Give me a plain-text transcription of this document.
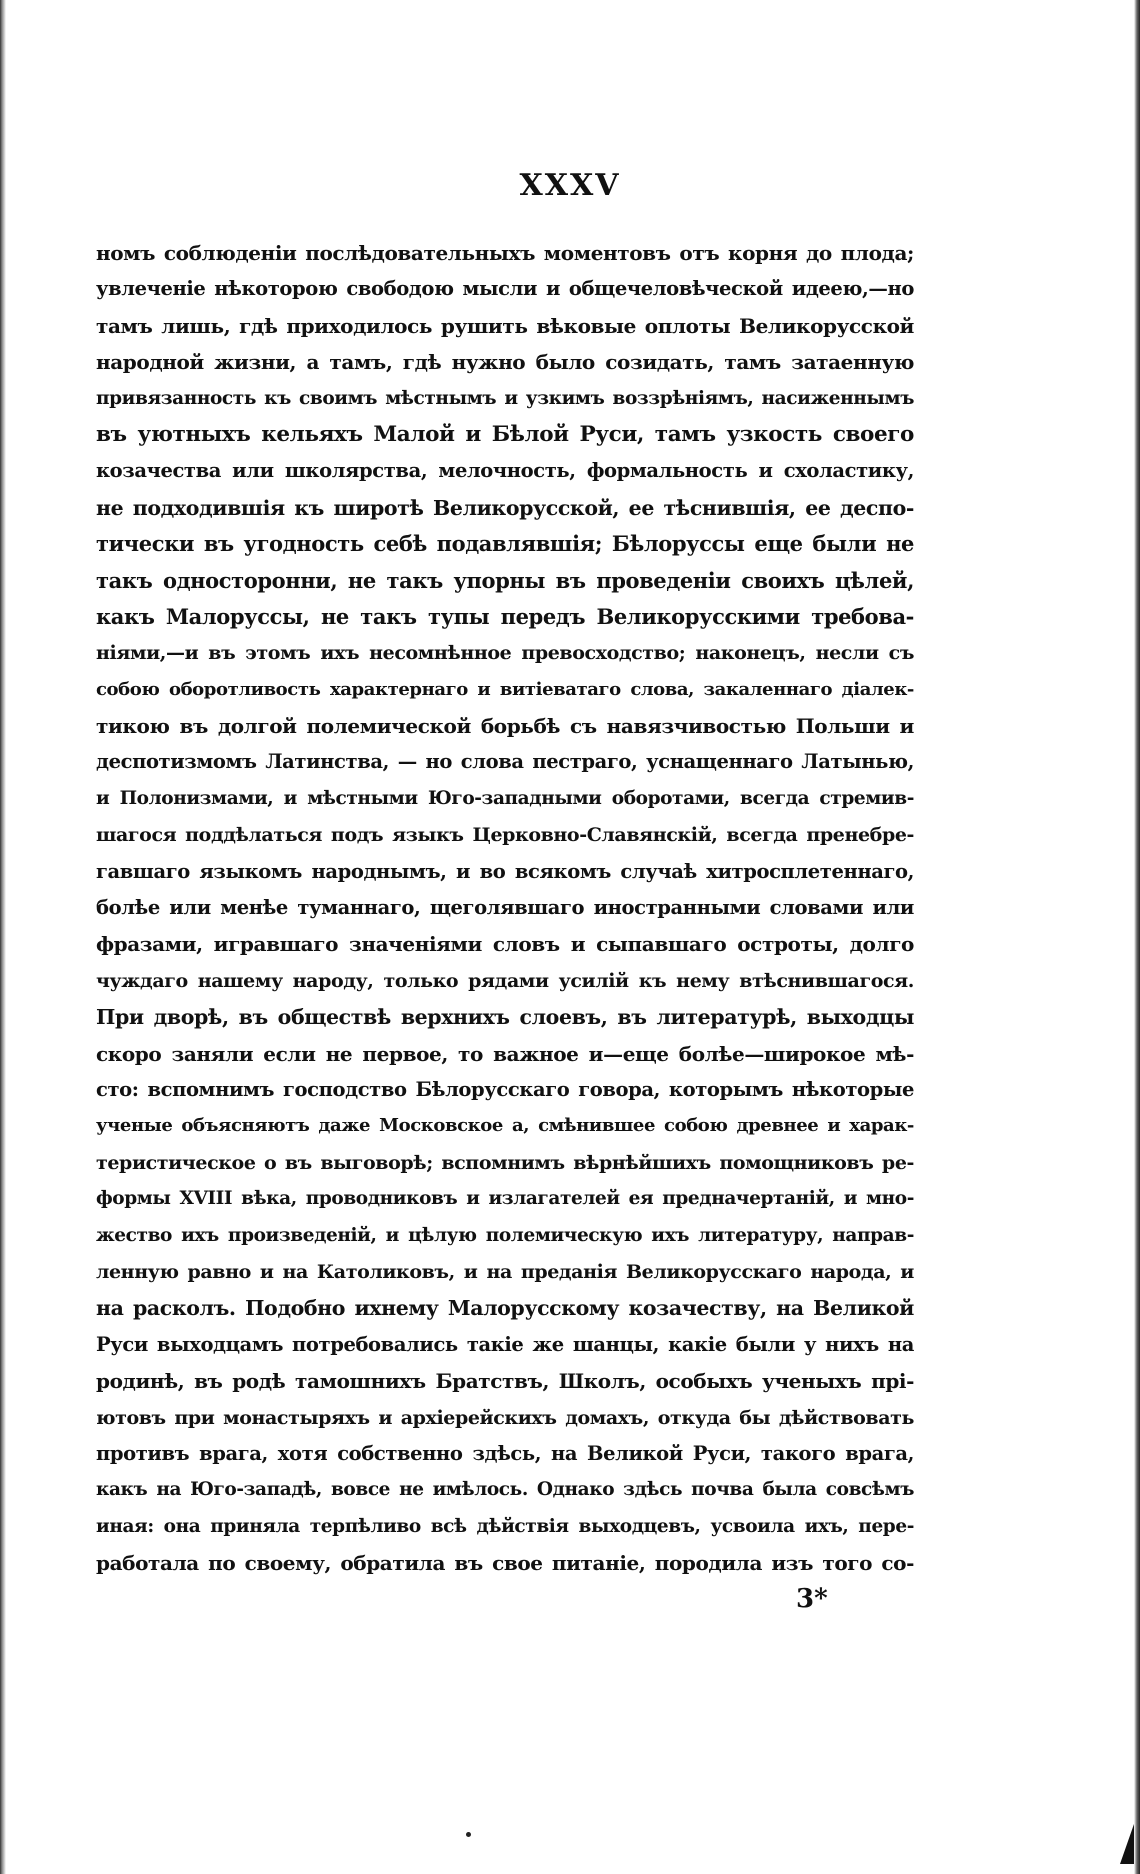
XXXV
номъ соблюденіи послѣдовательныхъ моментовъ отъ корня до плода;
увлеченіе нѣкоторою свободою мысли и общечеловѣческой идеею,—но
тамъ лишь, гдѣ приходилось рушить вѣковые оплоты Великорусской
народной жизни, а тамъ, гдѣ нужно было созидать, тамъ затаенную
привязанность къ своимъ мѣстнымъ и узкимъ воззрѣніямъ, насиженнымъ
въ уютныхъ кельяхъ Малой и Бѣлой Руси, тамъ узкость своего
козачества или школярства, мелочность, формальность и схоластику,
не подходившія къ широтѣ Великорусской, ее тѣснившія, ее деспо-
тически въ угодность себѣ подавлявшія; Бѣлоруссы еще были не
такъ односторонни, не такъ упорны въ проведеніи своихъ цѣлей,
какъ Малоруссы, не такъ тупы передъ Великорусскими требова-
ніями,—и въ этомъ ихъ несомнѣнное превосходство; наконецъ, несли съ
собою оборотливость характернаго и витіеватаго слова, закаленнаго діалек-
тикою въ долгой полемической борьбѣ съ навязчивостью Польши и
деспотизмомъ Латинства, — но слова пестраго, уснащеннаго Латынью,
и Полонизмами, и мѣстными Юго-западными оборотами, всегда стремив-
шагося поддѣлаться подъ языкъ Церковно-Славянскій, всегда пренебре-
гавшаго языкомъ народнымъ, и во всякомъ случаѣ хитросплетеннаго,
болѣе или менѣе туманнаго, щеголявшаго иностранными словами или
фразами, игравшаго значеніями словъ и сыпавшаго остроты, долго
чуждаго нашему народу, только рядами усилій къ нему втѣснившагося.
При дворѣ, въ обществѣ верхнихъ слоевъ, въ литературѣ, выходцы
скоро заняли если не первое, то важное и—еще болѣе—широкое мѣ-
сто: вспомнимъ господство Бѣлорусскаго говора, которымъ нѣкоторые
ученые объясняютъ даже Московское а, смѣнившее собою древнее и харак-
теристическое о въ выговорѣ; вспомнимъ вѣрнѣйшихъ помощниковъ ре-
формы XVIII вѣка, проводниковъ и излагателей ея предначертаній, и мно-
жество ихъ произведеній, и цѣлую полемическую ихъ литературу, направ-
ленную равно и на Католиковъ, и на преданія Великорусскаго народа, и
на расколъ. Подобно ихнему Малорусскому козачеству, на Великой
Руси выходцамъ потребовались такіе же шанцы, какіе были у нихъ на
родинѣ, въ родѣ тамошнихъ Братствъ, Школъ, особыхъ ученыхъ прі-
ютовъ при монастыряхъ и архіерейскихъ домахъ, откуда бы дѣйствовать
противъ врага, хотя собственно здѣсь, на Великой Руси, такого врага,
какъ на Юго-западѣ, вовсе не имѣлось. Однако здѣсь почва была совсѣмъ
иная: она приняла терпѣливо всѣ дѣйствія выходцевъ, усвоила ихъ, пере-
работала по своему, обратила въ свое питаніе, породила изъ того со-
3*
